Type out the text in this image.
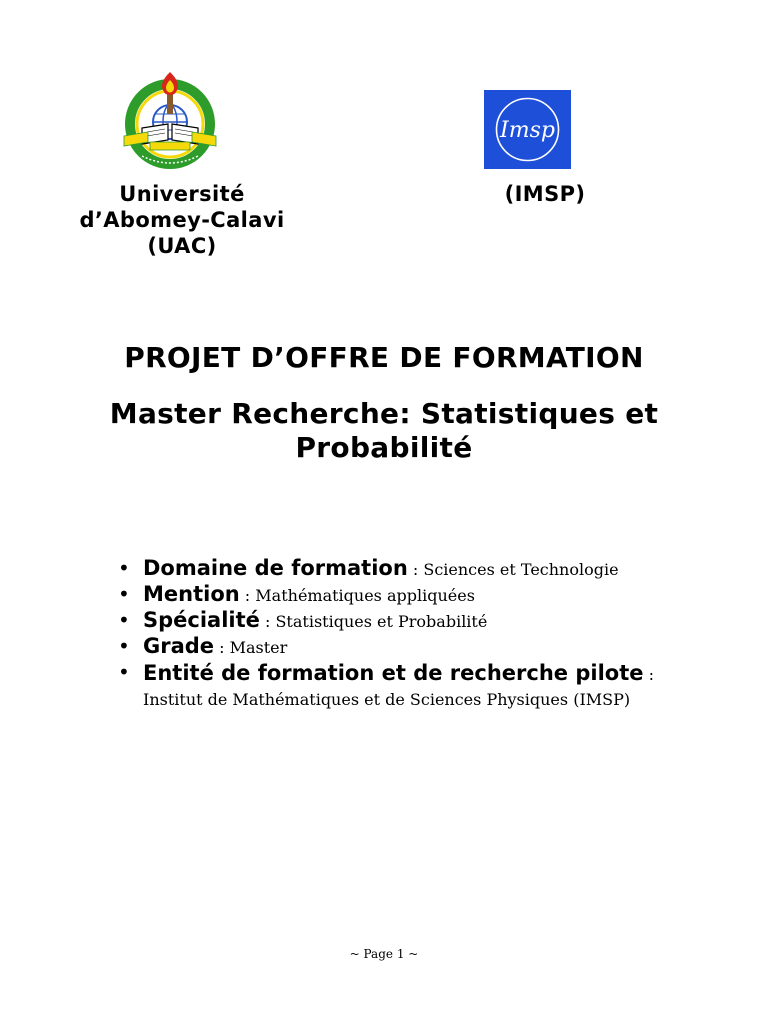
Imsp
Université d’Abomey-Calavi (UAC)
(IMSP)
PROJET D’OFFRE DE FORMATION
Master Recherche: Statistiques et Probabilité
• Domaine de formation : Sciences et Technologie
• Mention : Mathématiques appliquées
• Spécialité : Statistiques et Probabilité
• Grade : Master
• Entité de formation et de recherche pilote : Institut de Mathématiques et de Sciences Physiques (IMSP)
~ Page 1 ~
